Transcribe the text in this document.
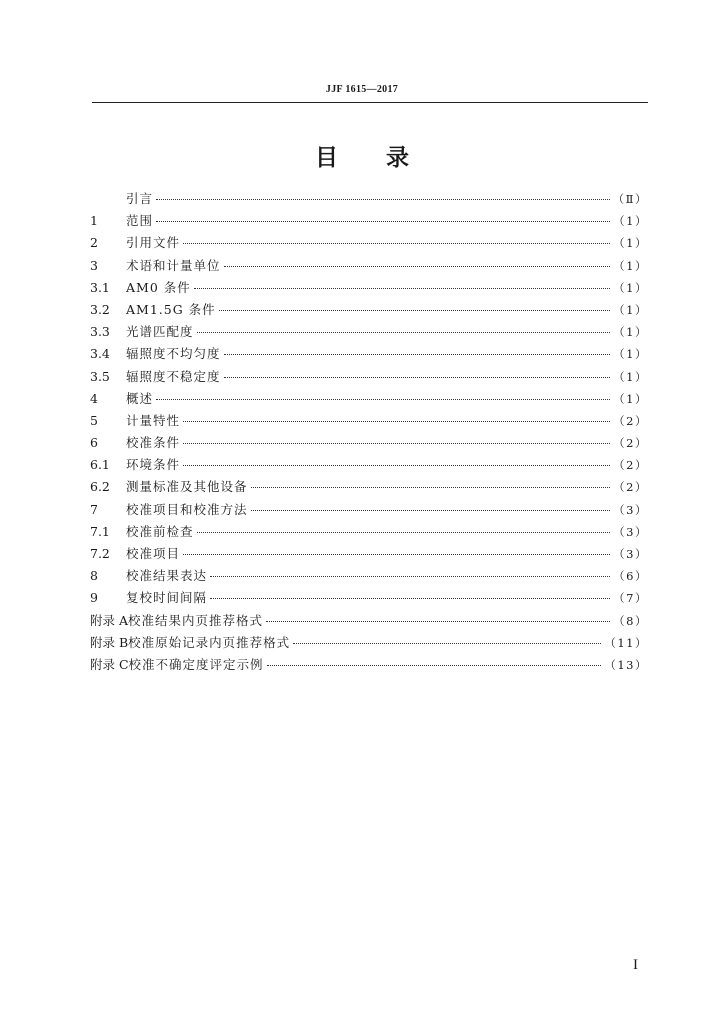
JJF 1615—2017
目 录
引言	（Ⅱ）
1	范围	（1）
2	引用文件	（1）
3	术语和计量单位	（1）
3.1	AM0 条件	（1）
3.2	AM1.5G 条件	（1）
3.3	光谱匹配度	（1）
3.4	辐照度不均匀度	（1）
3.5	辐照度不稳定度	（1）
4	概述	（1）
5	计量特性	（2）
6	校准条件	（2）
6.1	环境条件	（2）
6.2	测量标准及其他设备	（2）
7	校准项目和校准方法	（3）
7.1	校准前检查	（3）
7.2	校准项目	（3）
8	校准结果表达	（6）
9	复校时间间隔	（7）
附录 A 校准结果内页推荐格式	（8）
附录 B 校准原始记录内页推荐格式	（11）
附录 C 校准不确定度评定示例	（13）
I
